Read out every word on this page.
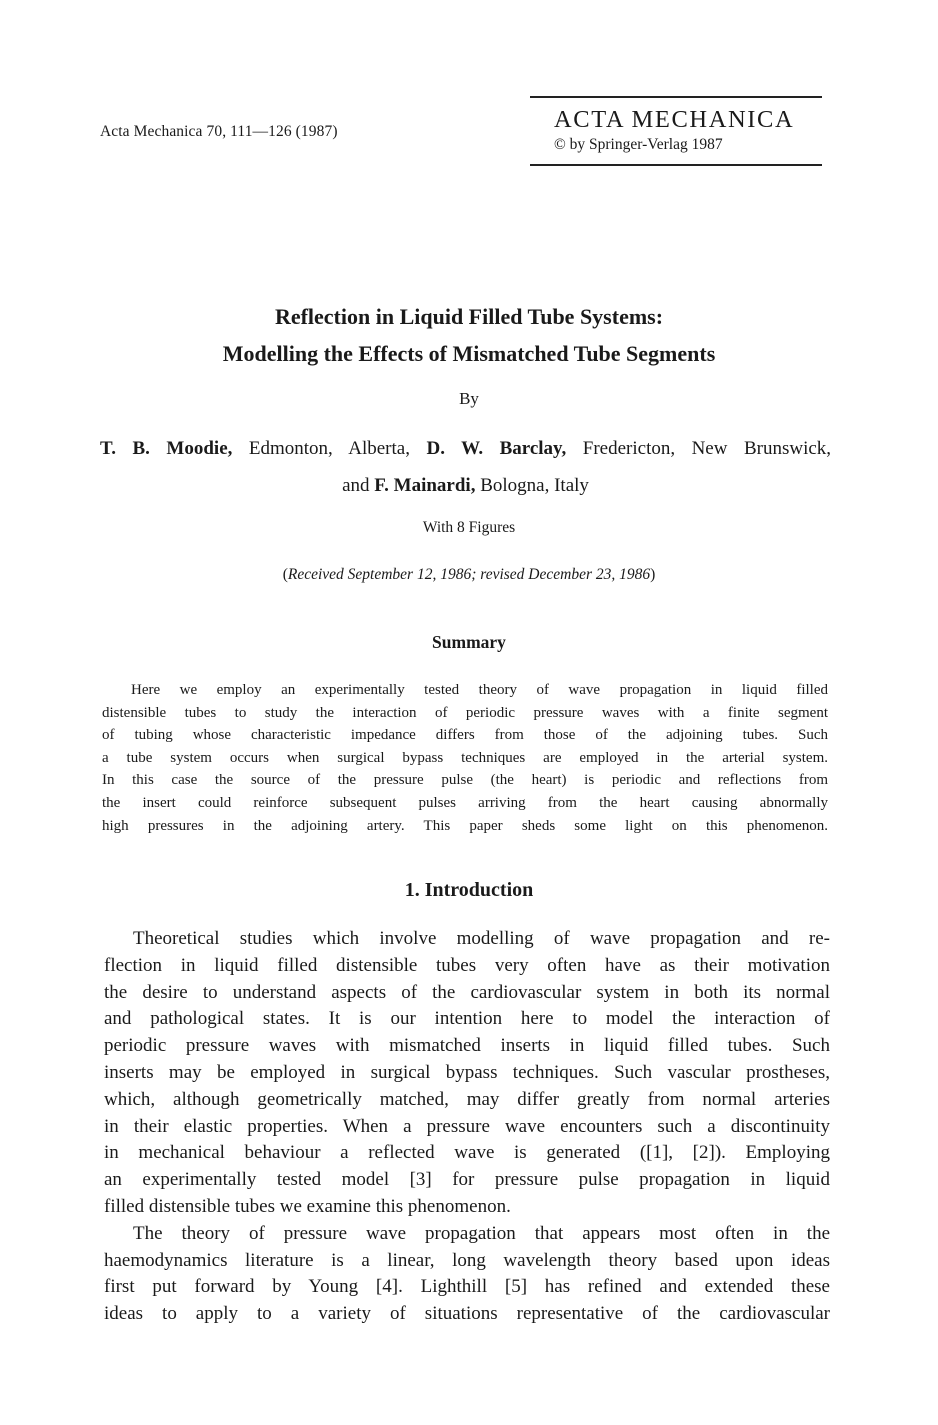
Acta Mechanica 70, 111—126 (1987)	ACTA MECHANICA
© by Springer-Verlag 1987
Reflection in Liquid Filled Tube Systems:
Modelling the Effects of Mismatched Tube Segments
By
T. B. Moodie, Edmonton, Alberta, D. W. Barclay, Fredericton, New Brunswick,
and F. Mainardi, Bologna, Italy
With 8 Figures
(Received September 12, 1986; revised December 23, 1986)
Summary
Here we employ an experimentally tested theory of wave propagation in liquid filled
distensible tubes to study the interaction of periodic pressure waves with a finite segment
of tubing whose characteristic impedance differs from those of the adjoining tubes. Such
a tube system occurs when surgical bypass techniques are employed in the arterial system.
In this case the source of the pressure pulse (the heart) is periodic and reflections from
the insert could reinforce subsequent pulses arriving from the heart causing abnormally
high pressures in the adjoining artery. This paper sheds some light on this phenomenon.
1. Introduction
Theoretical studies which involve modelling of wave propagation and re-
flection in liquid filled distensible tubes very often have as their motivation
the desire to understand aspects of the cardiovascular system in both its normal
and pathological states. It is our intention here to model the interaction of
periodic pressure waves with mismatched inserts in liquid filled tubes. Such
inserts may be employed in surgical bypass techniques. Such vascular prostheses,
which, although geometrically matched, may differ greatly from normal arteries
in their elastic properties. When a pressure wave encounters such a discontinuity
in mechanical behaviour a reflected wave is generated ([1], [2]). Employing
an experimentally tested model [3] for pressure pulse propagation in liquid
filled distensible tubes we examine this phenomenon.
The theory of pressure wave propagation that appears most often in the
haemodynamics literature is a linear, long wavelength theory based upon ideas
first put forward by Young [4]. Lighthill [5] has refined and extended these
ideas to apply to a variety of situations representative of the cardiovascular
